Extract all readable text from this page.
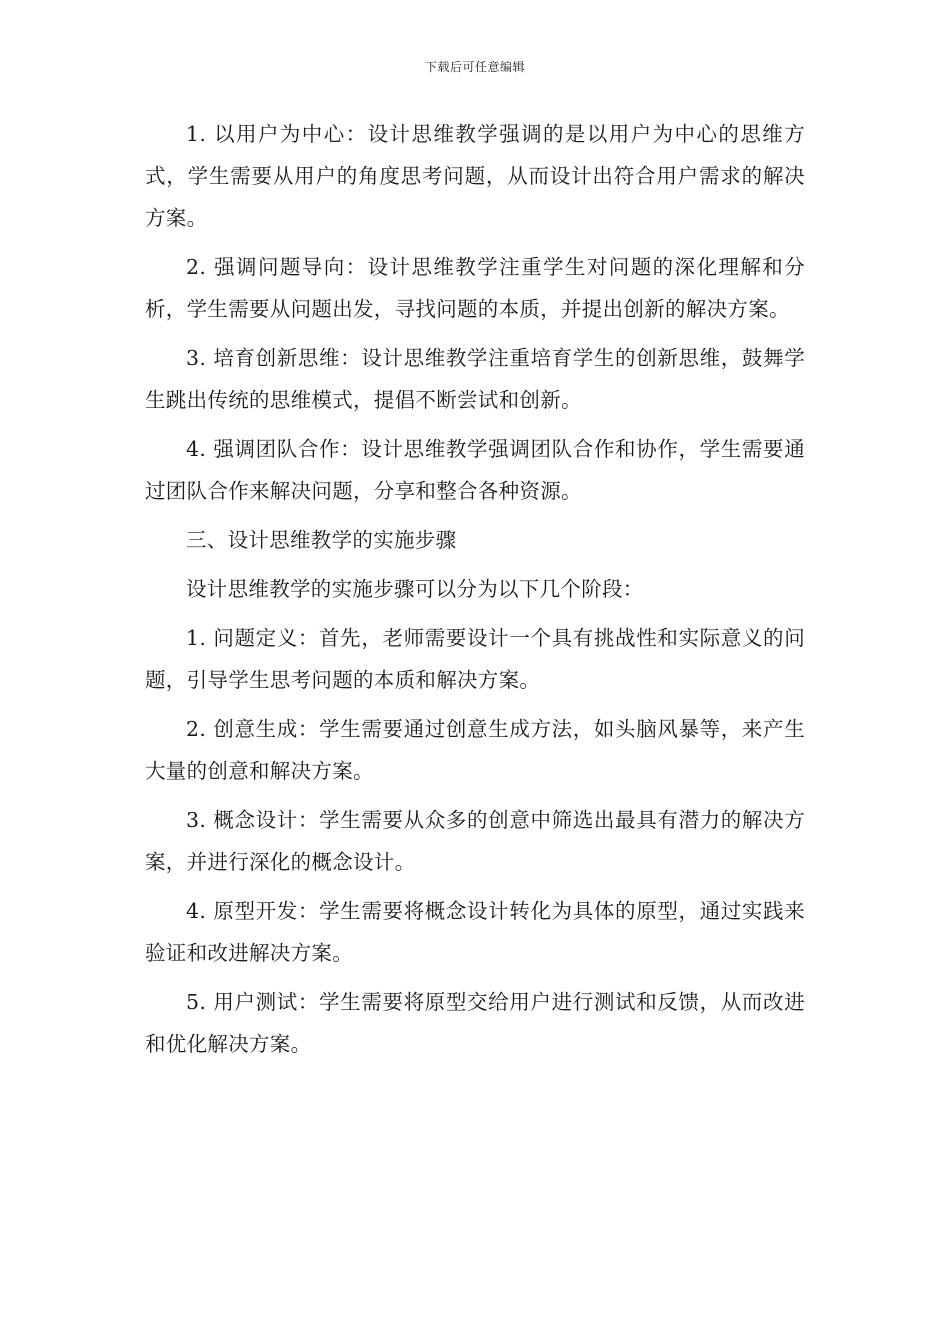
下载后可任意编辑

1. 以用户为中心：设计思维教学强调的是以用户为中心的思维方式，学生需要从用户的角度思考问题，从而设计出符合用户需求的解决方案。

2. 强调问题导向：设计思维教学注重学生对问题的深化理解和分析，学生需要从问题出发，寻找问题的本质，并提出创新的解决方案。

3. 培育创新思维：设计思维教学注重培育学生的创新思维，鼓舞学生跳出传统的思维模式，提倡不断尝试和创新。

4. 强调团队合作：设计思维教学强调团队合作和协作，学生需要通过团队合作来解决问题，分享和整合各种资源。

三、设计思维教学的实施步骤

设计思维教学的实施步骤可以分为以下几个阶段：

1. 问题定义：首先，老师需要设计一个具有挑战性和实际意义的问题，引导学生思考问题的本质和解决方案。

2. 创意生成：学生需要通过创意生成方法，如头脑风暴等，来产生大量的创意和解决方案。

3. 概念设计：学生需要从众多的创意中筛选出最具有潜力的解决方案，并进行深化的概念设计。

4. 原型开发：学生需要将概念设计转化为具体的原型，通过实践来验证和改进解决方案。

5. 用户测试：学生需要将原型交给用户进行测试和反馈，从而改进和优化解决方案。
